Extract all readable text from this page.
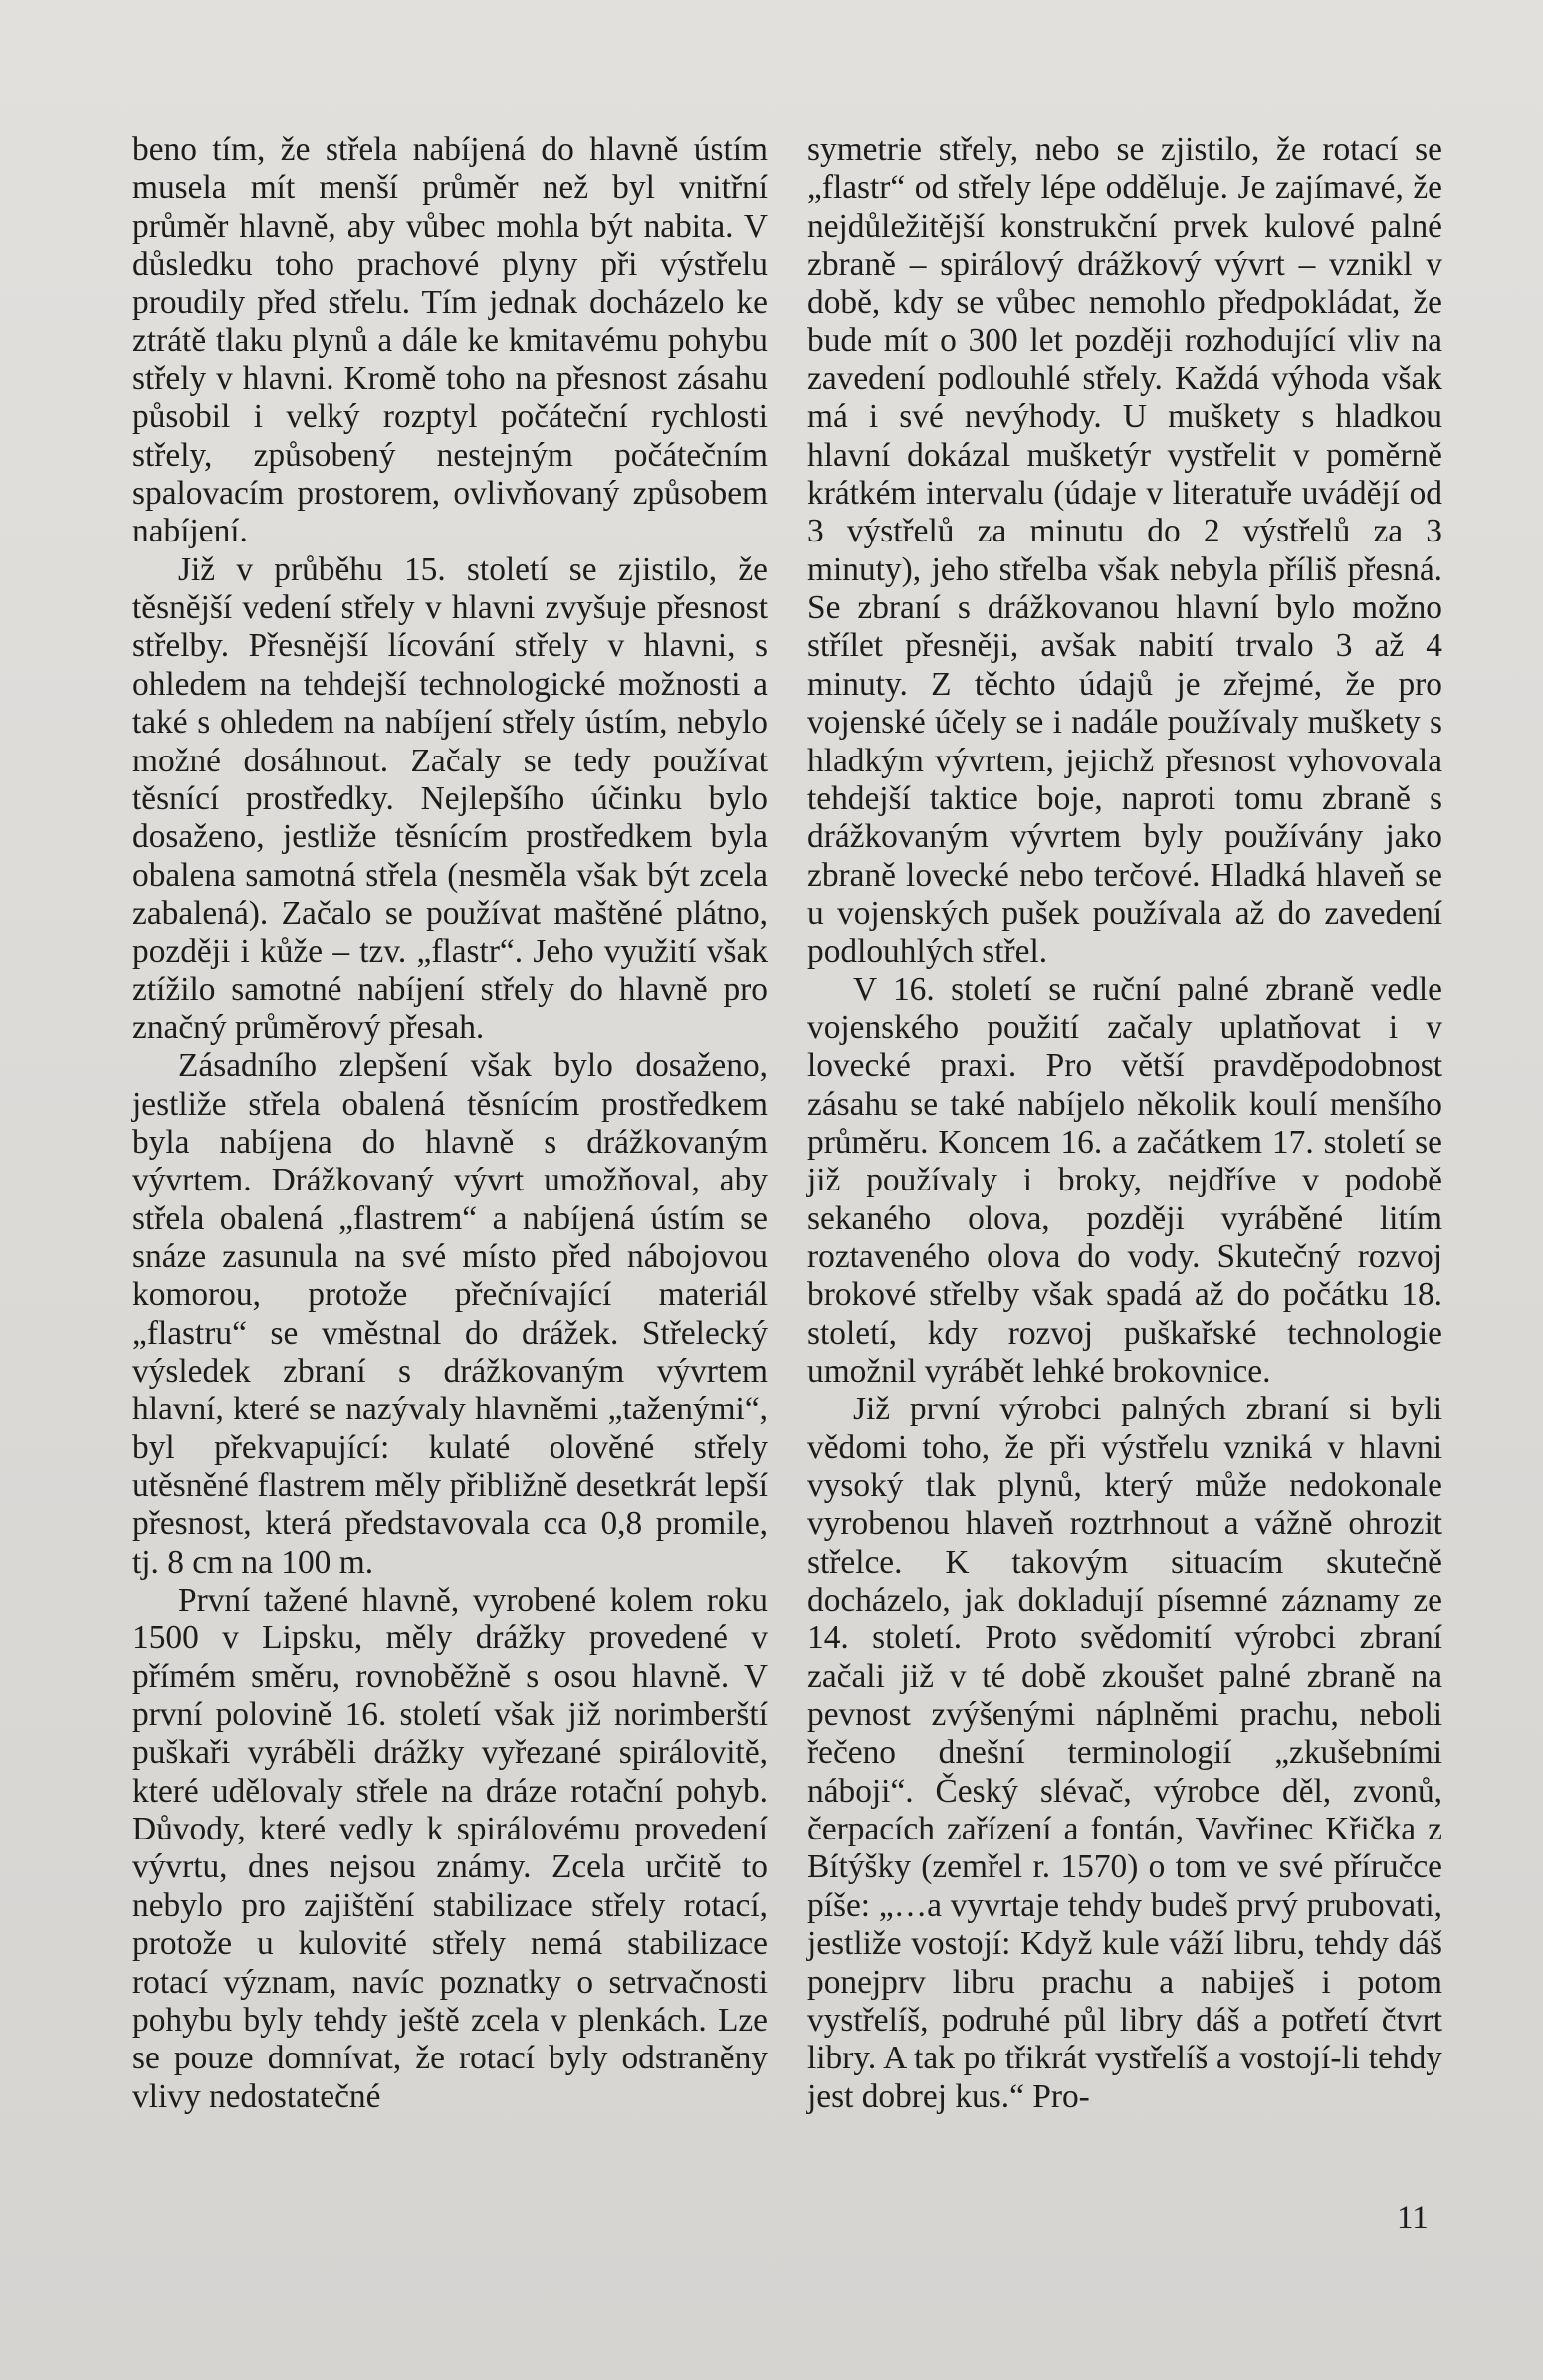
beno tím, že střela nabíjená do hlavně ústím musela mít menší průměr než byl vnitřní průměr hlavně, aby vůbec mohla být nabita. V důsledku toho prachové plyny při výstřelu proudily před střelu. Tím jednak docházelo ke ztrátě tlaku plynů a dále ke kmitavému pohybu střely v hlavni. Kromě toho na přesnost zásahu působil i velký rozptyl počáteční rychlosti střely, způsobený nestejným počátečním spalovacím prostorem, ovlivňovaný způsobem nabíjení.

Již v průběhu 15. století se zjistilo, že těsnější vedení střely v hlavni zvyšuje přesnost střelby. Přesnější lícování střely v hlavni, s ohledem na tehdejší technologické možnosti a také s ohledem na nabíjení střely ústím, nebylo možné dosáhnout. Začaly se tedy používat těsnící prostředky. Nejlepšího účinku bylo dosaženo, jestliže těsnícím prostředkem byla obalena samotná střela (nesměla však být zcela zabalená). Začalo se používat maštěné plátno, později i kůže – tzv. „flastr“. Jeho využití však ztížilo samotné nabíjení střely do hlavně pro značný průměrový přesah.

Zásadního zlepšení však bylo dosaženo, jestliže střela obalená těsnícím prostředkem byla nabíjena do hlavně s drážkovaným vývrtem. Drážkovaný vývrt umožňoval, aby střela obalená „flastrem“ a nabíjená ústím se snáze zasunula na své místo před nábojovou komorou, protože přečnívající materiál „flastru“ se vměstnal do drážek. Střelecký výsledek zbraní s drážkovaným vývrtem hlavní, které se nazývaly hlavněmi „taženými“, byl překvapující: kulaté olověné střely utěsněné flastrem měly přibližně desetkrát lepší přesnost, která představovala cca 0,8 promile, tj. 8 cm na 100 m.

První tažené hlavně, vyrobené kolem roku 1500 v Lipsku, měly drážky provedené v přímém směru, rovnoběžně s osou hlavně. V první polovině 16. století však již norimberští puškaři vyráběli drážky vyřezané spirálovitě, které udělovaly střele na dráze rotační pohyb. Důvody, které vedly k spirálovému provedení vývrtu, dnes nejsou známy. Zcela určitě to nebylo pro zajištění stabilizace střely rotací, protože u kulovité střely nemá stabilizace rotací význam, navíc poznatky o setrvačnosti pohybu byly tehdy ještě zcela v plenkách. Lze se pouze domnívat, že rotací byly odstraněny vlivy nedostatečné

symetrie střely, nebo se zjistilo, že rotací se „flastr“ od střely lépe odděluje. Je zajímavé, že nejdůležitější konstrukční prvek kulové palné zbraně – spirálový drážkový vývrt – vznikl v době, kdy se vůbec nemohlo předpokládat, že bude mít o 300 let později rozhodující vliv na zavedení podlouhlé střely. Každá výhoda však má i své nevýhody. U muškety s hladkou hlavní dokázal mušketýr vystřelit v poměrně krátkém intervalu (údaje v literatuře uvádějí od 3 výstřelů za minutu do 2 výstřelů za 3 minuty), jeho střelba však nebyla příliš přesná. Se zbraní s drážkovanou hlavní bylo možno střílet přesněji, avšak nabití trvalo 3 až 4 minuty. Z těchto údajů je zřejmé, že pro vojenské účely se i nadále používaly muškety s hladkým vývrtem, jejichž přesnost vyhovovala tehdejší taktice boje, naproti tomu zbraně s drážkovaným vývrtem byly používány jako zbraně lovecké nebo terčové. Hladká hlaveň se u vojenských pušek používala až do zavedení podlouhlých střel.

V 16. století se ruční palné zbraně vedle vojenského použití začaly uplatňovat i v lovecké praxi. Pro větší pravděpodobnost zásahu se také nabíjelo několik koulí menšího průměru. Koncem 16. a začátkem 17. století se již používaly i broky, nejdříve v podobě sekaného olova, později vyráběné litím roztaveného olova do vody. Skutečný rozvoj brokové střelby však spadá až do počátku 18. století, kdy rozvoj puškařské technologie umožnil vyrábět lehké brokovnice.

Již první výrobci palných zbraní si byli vědomi toho, že při výstřelu vzniká v hlavni vysoký tlak plynů, který může nedokonale vyrobenou hlaveň roztrhnout a vážně ohrozit střelce. K takovým situacím skutečně docházelo, jak dokladují písemné záznamy ze 14. století. Proto svědomití výrobci zbraní začali již v té době zkoušet palné zbraně na pevnost zvýšenými náplněmi prachu, neboli řečeno dnešní terminologií „zkušebními náboji“. Český slévač, výrobce děl, zvonů, čerpacích zařízení a fontán, Vavřinec Křička z Bítýšky (zemřel r. 1570) o tom ve své příručce píše: „…a vyvrtaje tehdy budeš prvý prubovati, jestliže vostojí: Když kule váží libru, tehdy dáš ponejprv libru prachu a nabiješ i potom vystřelíš, podruhé půl libry dáš a potřetí čtvrt libry. A tak po třikrát vystřelíš a vostojí-li tehdy jest dobrej kus.“ Pro-

11
